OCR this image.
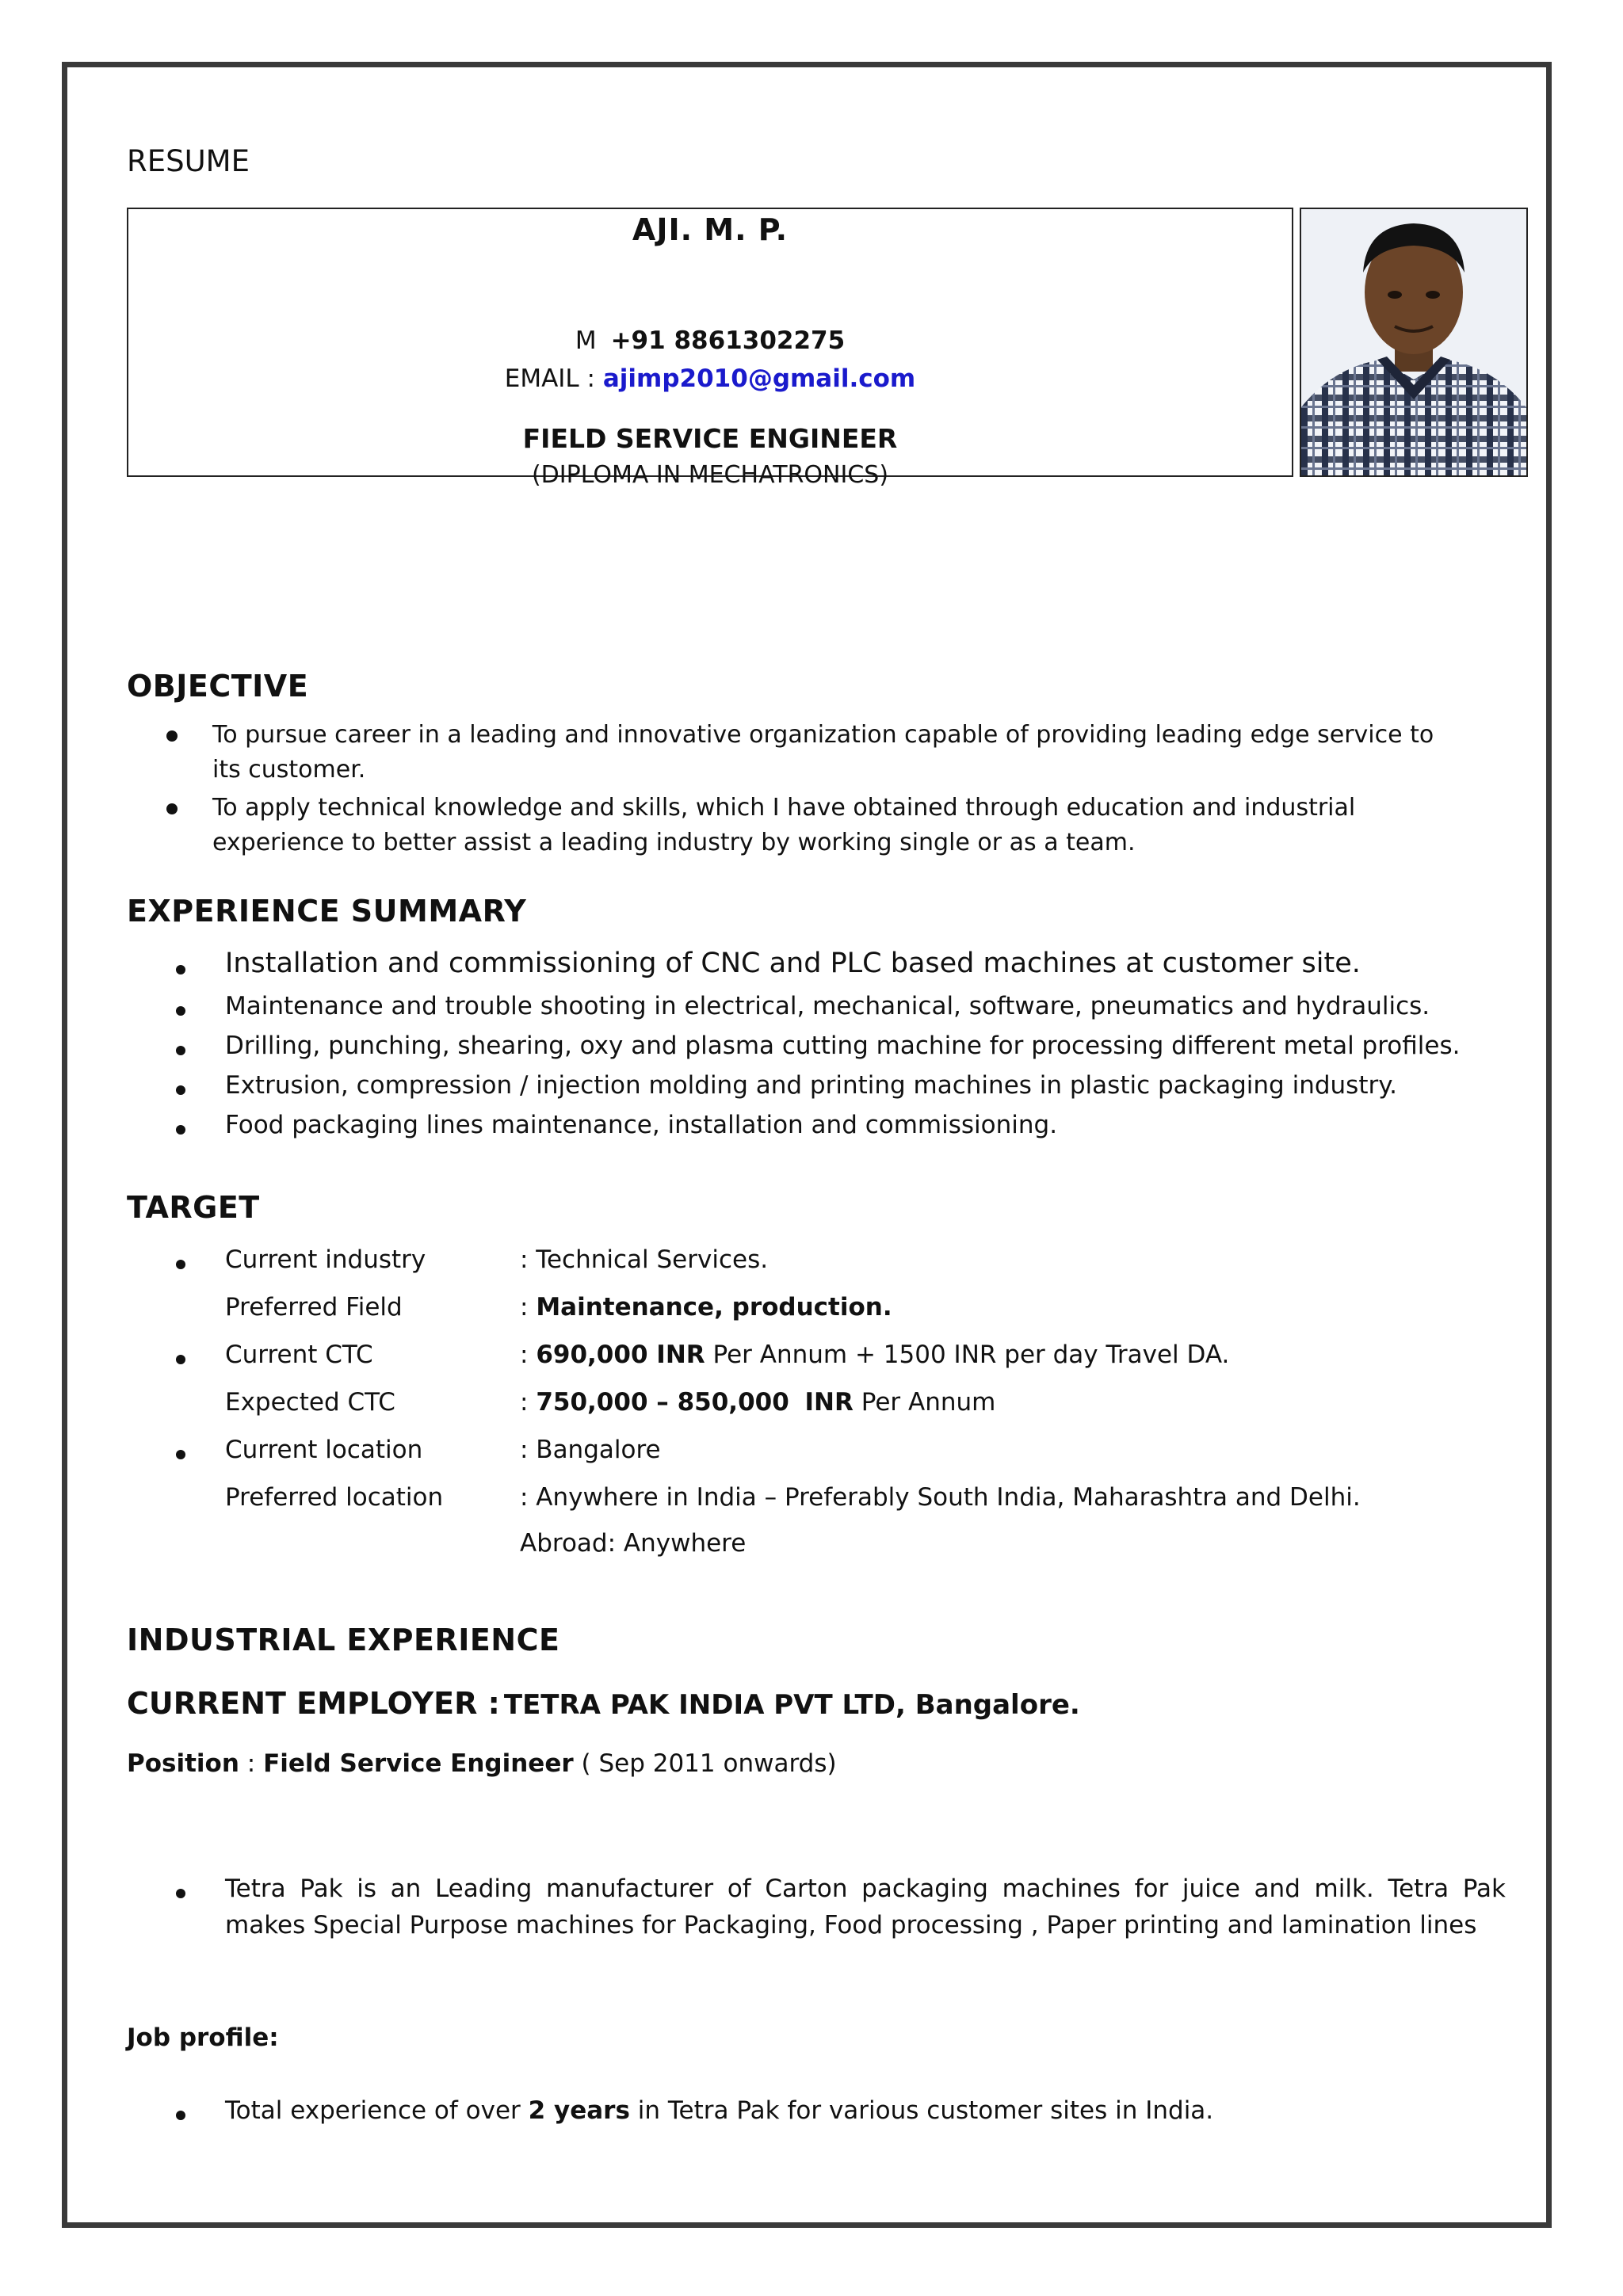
RESUME
AJI. M. P.
M +91 8861302275
EMAIL : ajimp2010@gmail.com
FIELD SERVICE ENGINEER
(DIPLOMA IN MECHATRONICS)
OBJECTIVE
To pursue career in a leading and innovative organization capable of providing leading edge service to
its customer.
To apply technical knowledge and skills, which I have obtained through education and industrial
experience to better assist a leading industry by working single or as a team.
EXPERIENCE SUMMARY
Installation and commissioning of CNC and PLC based machines at customer site.
Maintenance and trouble shooting in electrical, mechanical, software, pneumatics and hydraulics.
Drilling, punching, shearing, oxy and plasma cutting machine for processing different metal profiles.
Extrusion, compression / injection molding and printing machines in plastic packaging industry.
Food packaging lines maintenance, installation and commissioning.
TARGET
Current industry	: Technical Services.
Preferred Field	: Maintenance, production.
Current CTC	: 690,000 INR Per Annum + 1500 INR per day Travel DA.
Expected CTC	: 750,000 – 850,000 INR Per Annum
Current location	: Bangalore
Preferred location	: Anywhere in India – Preferably South India, Maharashtra and Delhi.
Abroad: Anywhere
INDUSTRIAL EXPERIENCE
CURRENT EMPLOYER : TETRA PAK INDIA PVT LTD, Bangalore.
Position : Field Service Engineer ( Sep 2011 onwards)
Tetra Pak is an Leading manufacturer of Carton packaging machines for juice and milk. Tetra Pak
makes Special Purpose machines for Packaging, Food processing , Paper printing and lamination lines
Job profile:
Total experience of over 2 years in Tetra Pak for various customer sites in India.
